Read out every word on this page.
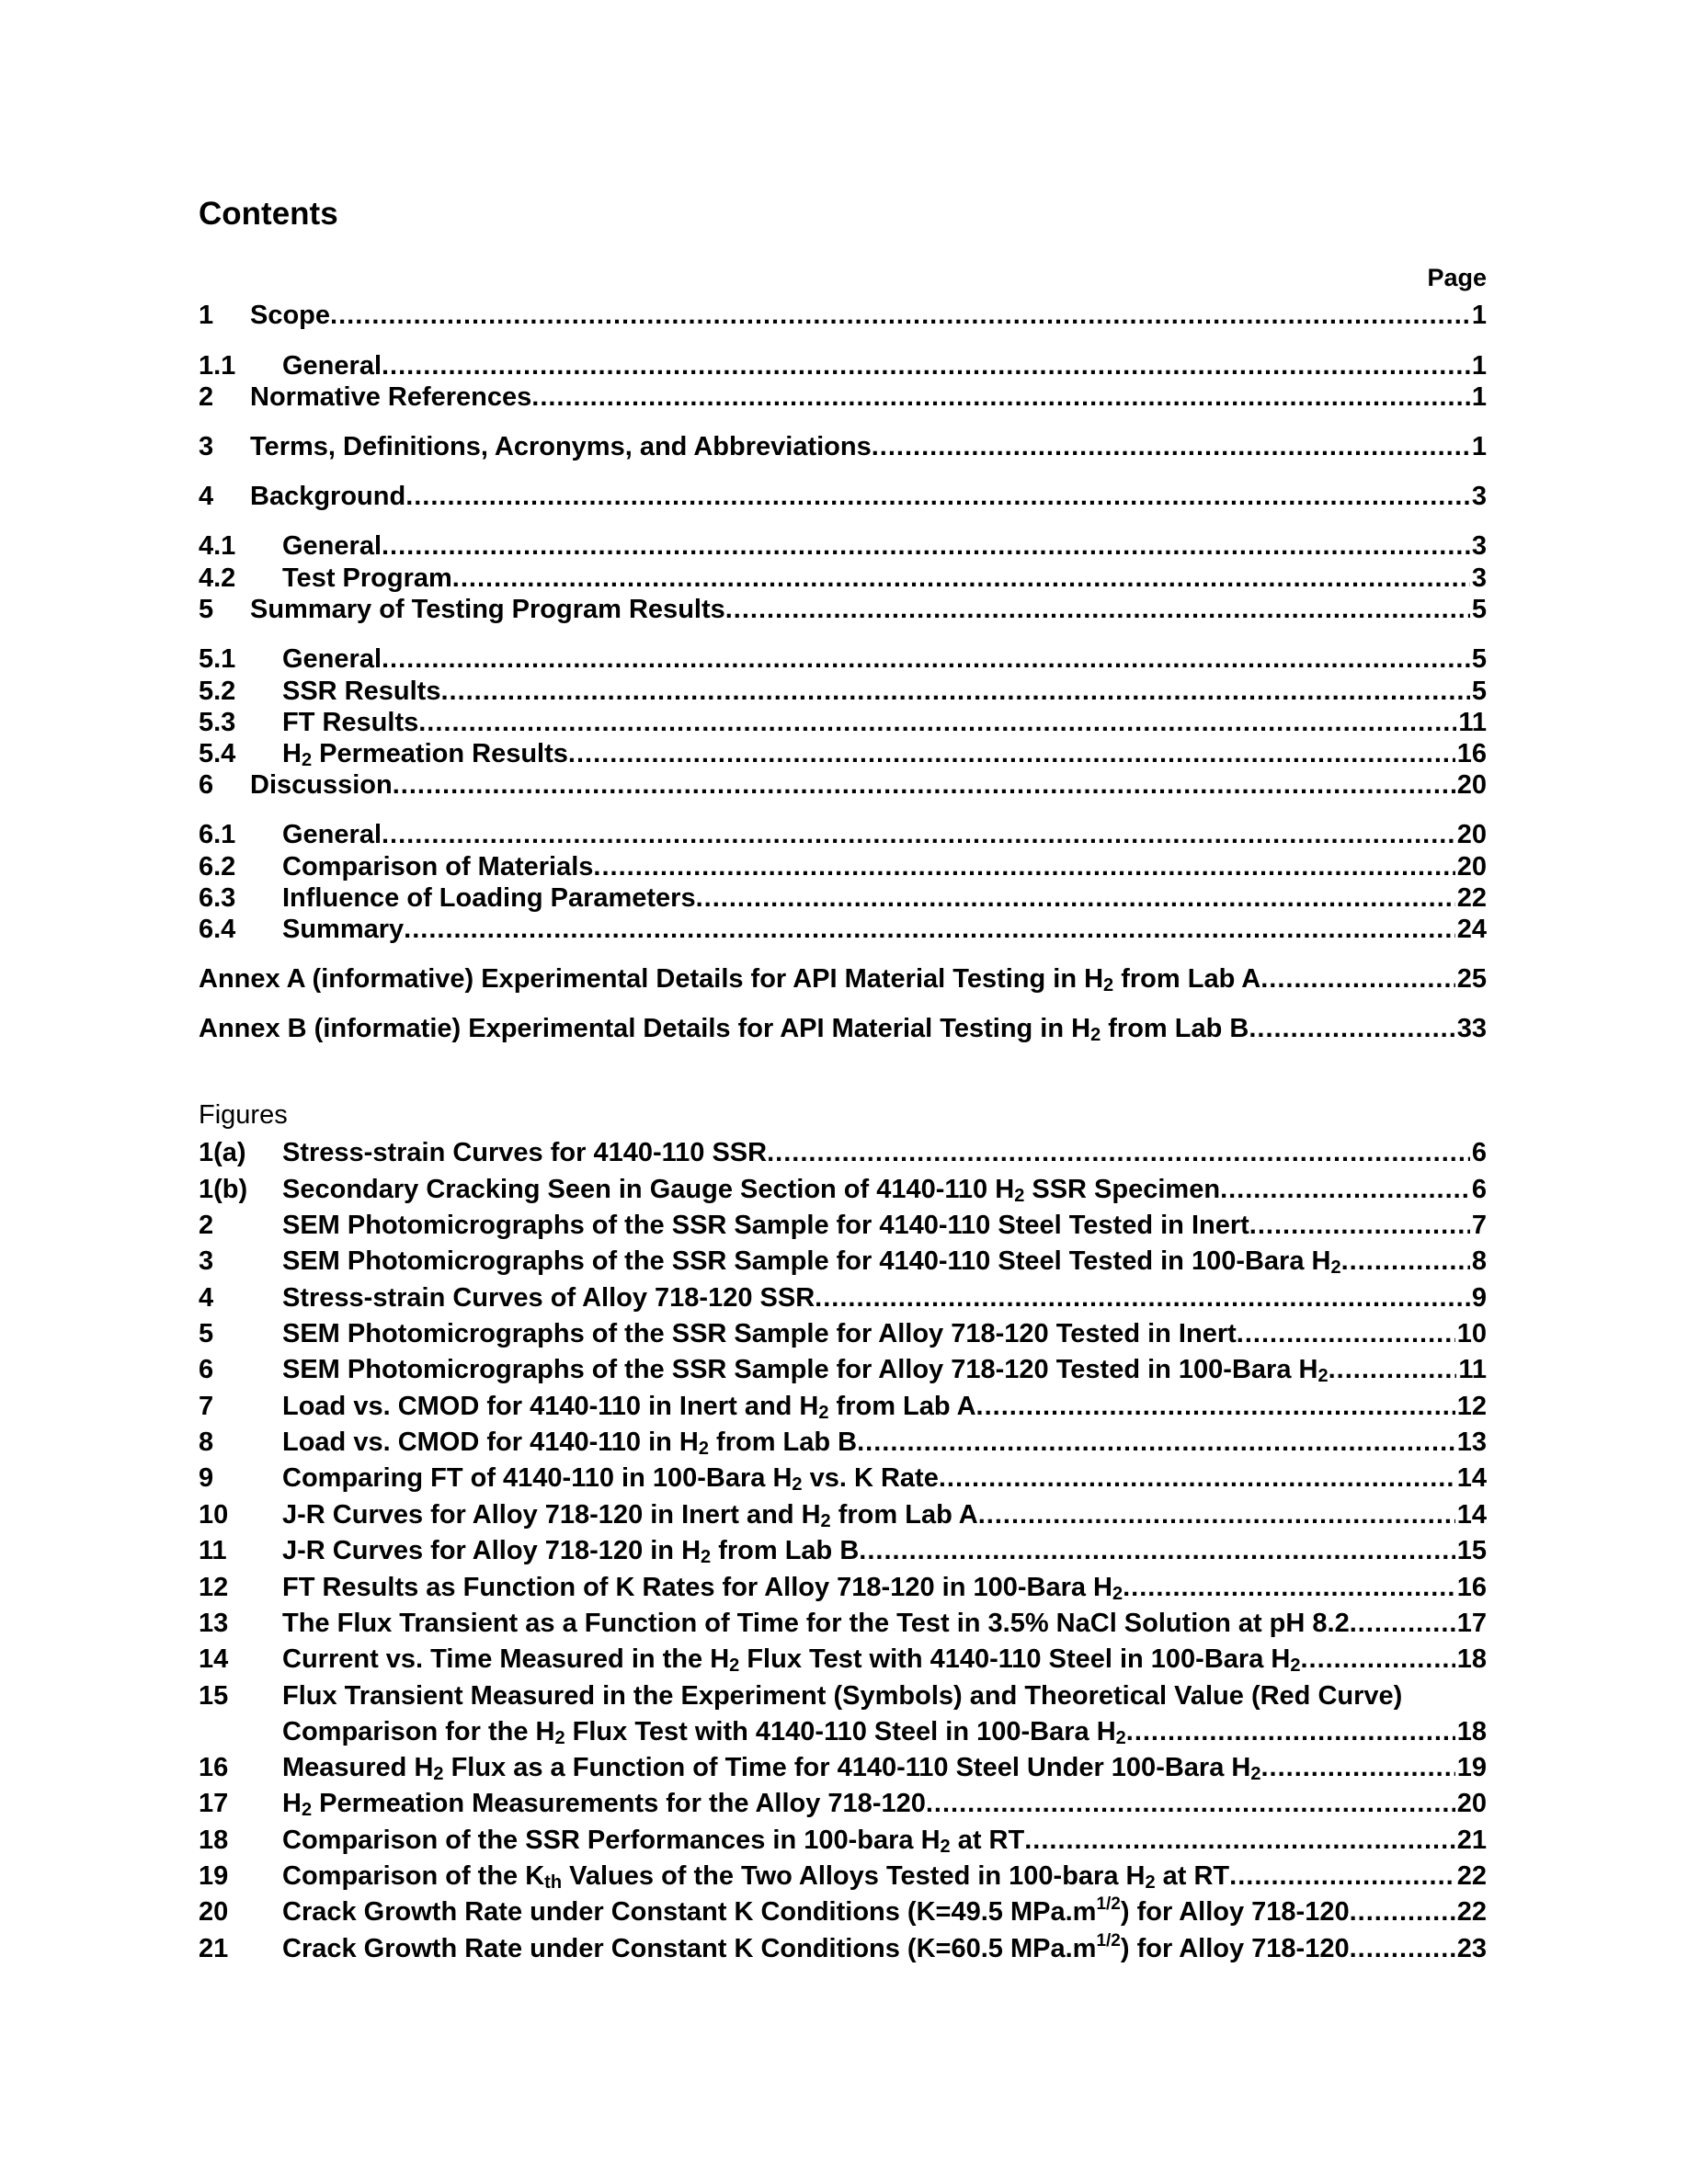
Contents
Page
1 Scope .....	1
1.1 General .....	1
2 Normative References .....	1
3 Terms, Definitions, Acronyms, and Abbreviations .....	1
4 Background .....	3
4.1 General .....	3
4.2 Test Program .....	3
5 Summary of Testing Program Results .....	5
5.1 General .....	5
5.2 SSR Results .....	5
5.3 FT Results .....	11
5.4 $H_2$ Permeation Results .....	16
6 Discussion .....	20
6.1 General .....	20
6.2 Comparison of Materials .....	20
6.3 Influence of Loading Parameters .....	22
6.4 Summary .....	24
Annex A (informative) Experimental Details for API Material Testing in $H_2$ from Lab A .....	25
Annex B (informatie) Experimental Details for API Material Testing in $H_2$ from Lab B .....	33
Figures
1(a) Stress-strain Curves for 4140-110 SSR .....	6
1(b) Secondary Cracking Seen in Gauge Section of 4140-110 $H_2$ SSR Specimen .....	6
2	SEM Photomicrographs of the SSR Sample for 4140-110 Steel Tested in Inert .....	7
3	SEM Photomicrographs of the SSR Sample for 4140-110 Steel Tested in 100-Bara $H_2$ .....	8
4	Stress-strain Curves of Alloy 718-120 SSR .....	9
5	SEM Photomicrographs of the SSR Sample for Alloy 718-120 Tested in Inert .....	10
6	SEM Photomicrographs of the SSR Sample for Alloy 718-120 Tested in 100-Bara $H_2$ .....	11
7	Load vs. CMOD for 4140-110 in Inert and $H_2$ from Lab A .....	12
8	Load vs. CMOD for 4140-110 in $H_2$ from Lab B .....	13
9	Comparing FT of 4140-110 in 100-Bara $H_2$ vs. K Rate .....	14
10 J-R Curves for Alloy 718-120 in Inert and $H_2$ from Lab A .....	14
11 J-R Curves for Alloy 718-120 in $H_2$ from Lab B .....	15
12 FT Results as Function of K Rates for Alloy 718-120 in 100-Bara $H_2$ .....	16
13 The Flux Transient as a Function of Time for the Test in 3.5% NaCl Solution at pH 8.2 .....	17
14 Current vs. Time Measured in the $H_2$ Flux Test with 4140-110 Steel in 100-Bara $H_2$ .....	18
15 Flux Transient Measured in the Experiment (Symbols) and Theoretical Value (Red Curve)
Comparison for the $H_2$ Flux Test with 4140-110 Steel in 100-Bara $H_2$ .....	18
16 Measured $H_2$ Flux as a Function of Time for 4140-110 Steel Under 100-Bara $H_2$ .....	19
17 $H_2$ Permeation Measurements for the Alloy 718-120 .....	20
18 Comparison of the SSR Performances in 100-bara $H_2$ at RT .....	21
19 Comparison of the $K_{th}$ Values of the Two Alloys Tested in 100-bara $H_2$ at RT .....	22
20 Crack Growth Rate under Constant K Conditions (K=49.5 $MPa.m^{1/2}$) for Alloy 718-120 .....	22
21 Crack Growth Rate under Constant K Conditions (K=60.5 $MPa.m^{1/2}$) for Alloy 718-120 .....	23
